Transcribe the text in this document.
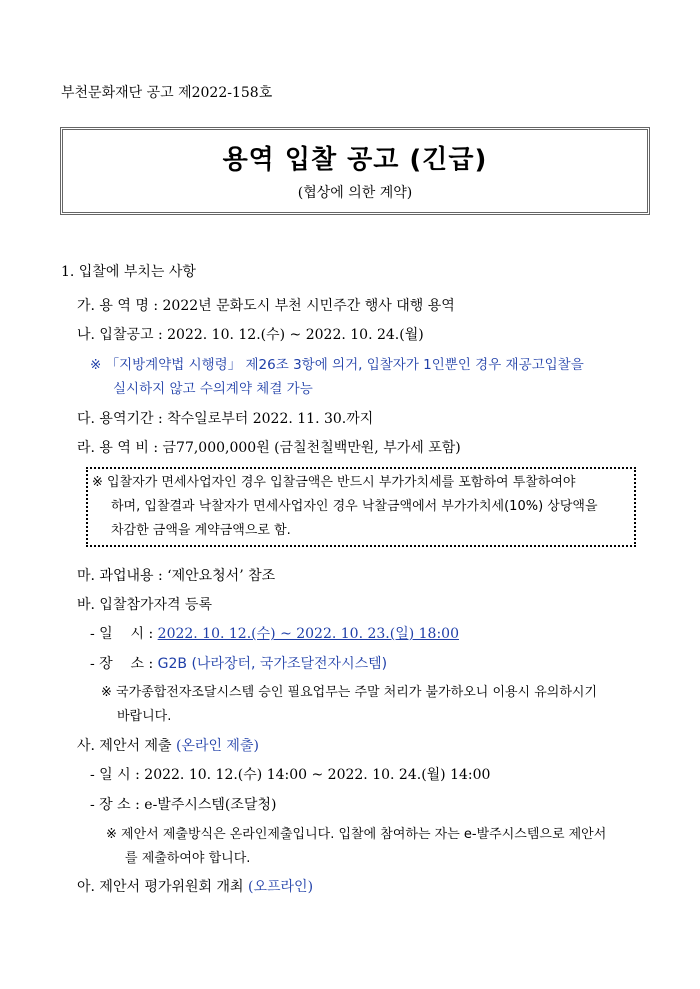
부천문화재단 공고 제2022-158호
용역 입찰 공고 (긴급)
(협상에 의한 계약)
1. 입찰에 부치는 사항
가. 용 역 명 : 2022년 문화도시 부천 시민주간 행사 대행 용역
나. 입찰공고 : 2022. 10. 12.(수) ~ 2022. 10. 24.(월)
※ 「지방계약법 시행령」 제26조 3항에 의거, 입찰자가 1인뿐인 경우 재공고입찰을
실시하지 않고 수의계약 체결 가능
다. 용역기간 : 착수일로부터 2022. 11. 30.까지
라. 용 역 비 : 금77,000,000원 (금칠천칠백만원, 부가세 포함)
※ 입찰자가 면세사업자인 경우 입찰금액은 반드시 부가가치세를 포함하여 투찰하여야
하며, 입찰결과 낙찰자가 면세사업자인 경우 낙찰금액에서 부가가치세(10%) 상당액을
차감한 금액을 계약금액으로 함.
마. 과업내용 : ‘제안요청서’ 참조
바. 입찰참가자격 등록
- 일    시 : 2022. 10. 12.(수) ~ 2022. 10. 23.(일) 18:00
- 장    소 : G2B (나라장터, 국가조달전자시스템)
※ 국가종합전자조달시스템 승인 필요업무는 주말 처리가 불가하오니 이용시 유의하시기
바랍니다.
사. 제안서 제출 (온라인 제출)
- 일 시 : 2022. 10. 12.(수) 14:00 ~ 2022. 10. 24.(월) 14:00
- 장 소 : e-발주시스템(조달청)
※ 제안서 제출방식은 온라인제출입니다. 입찰에 참여하는 자는 e-발주시스템으로 제안서
를 제출하여야 합니다.
아. 제안서 평가위원회 개최 (오프라인)
